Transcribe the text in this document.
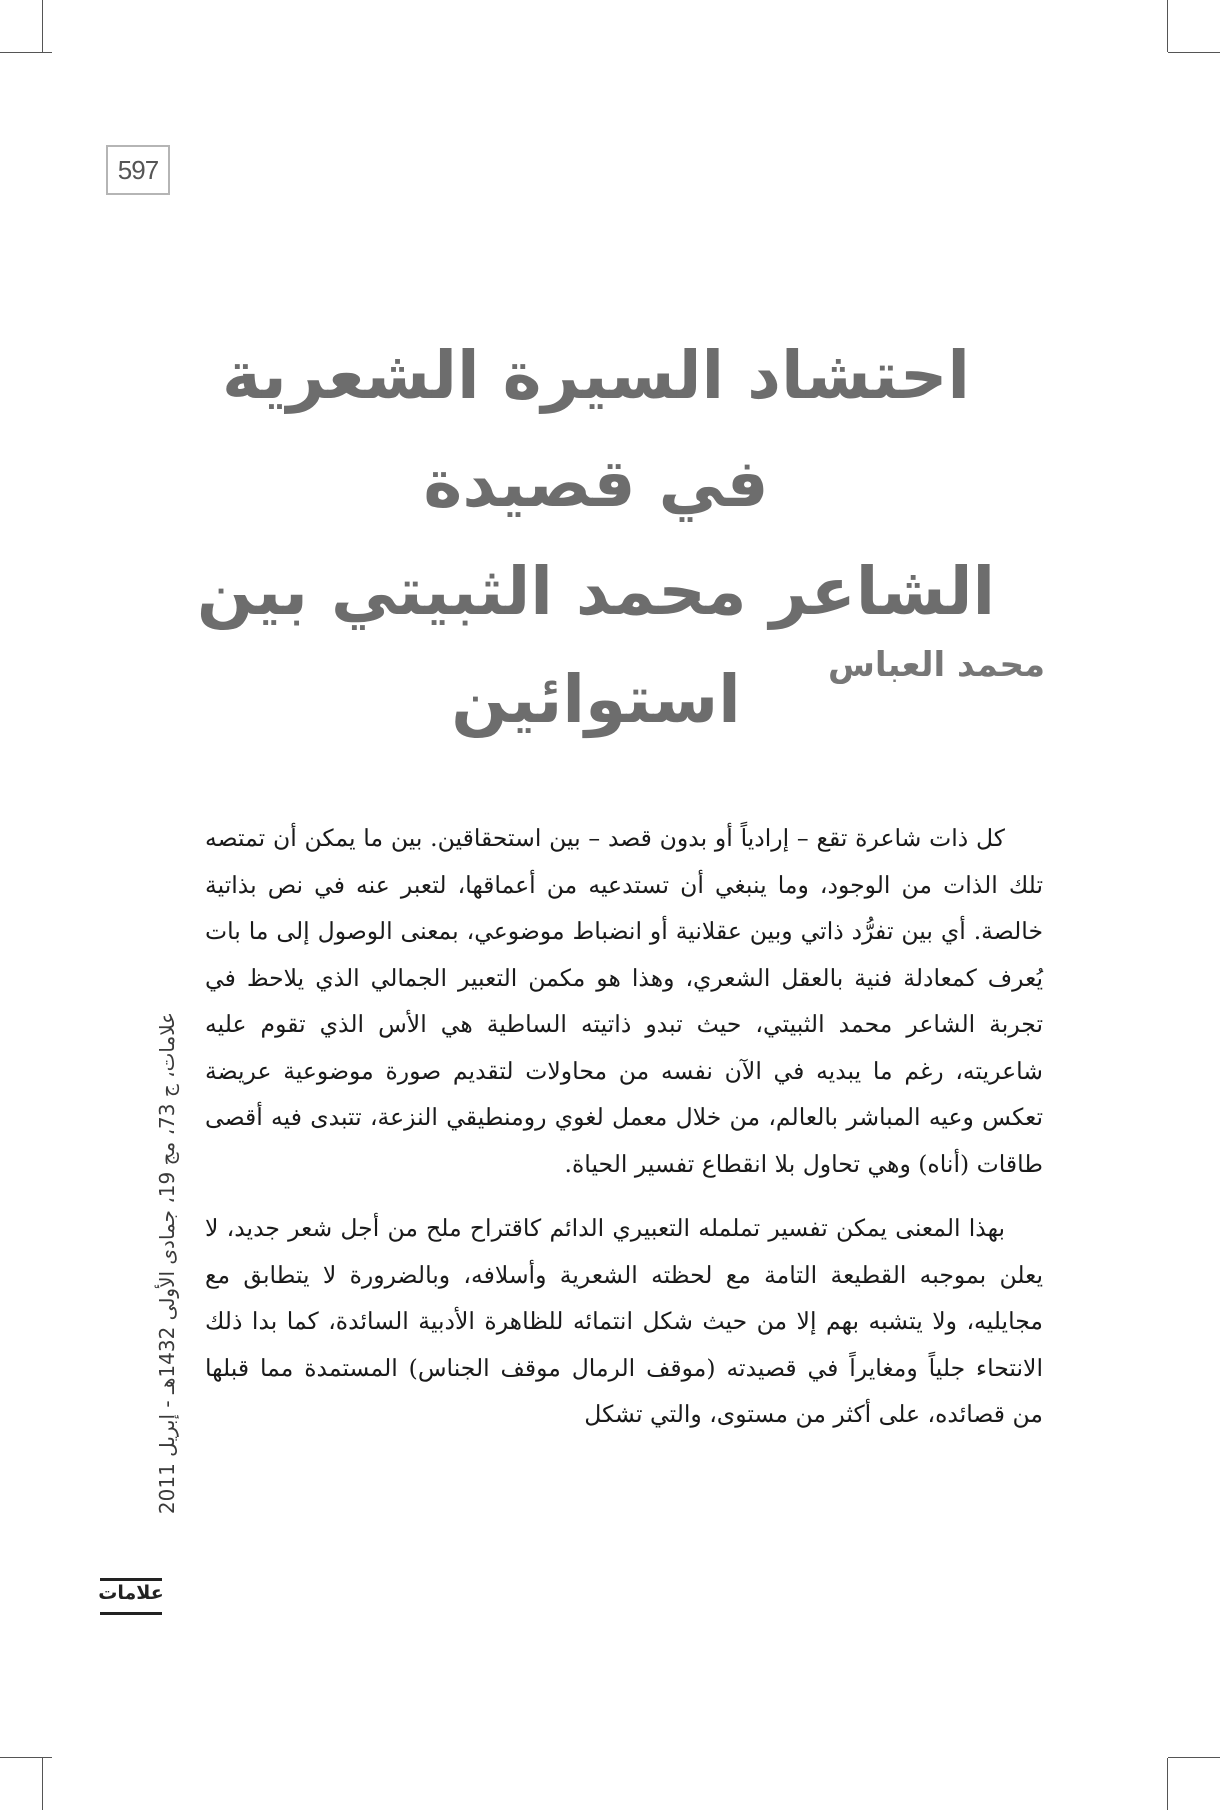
597
احتشاد السيرة الشعرية في قصيدة
الشاعر محمد الثبيتي بين استوائين	محمد العباس

كل ذات شاعرة تقع – إرادياً أو بدون قصد – بين استحقاقين. بين ما يمكن أن تمتصه تلك الذات من الوجود، وما ينبغي أن تستدعيه من أعماقها، لتعبر عنه في نص بذاتية خالصة. أي بين تفرُّد ذاتي وبين عقلانية أو انضباط موضوعي، بمعنى الوصول إلى ما بات يُعرف كمعادلة فنية بالعقل الشعري، وهذا هو مكمن التعبير الجمالي الذي يلاحظ في تجربة الشاعر محمد الثبيتي، حيث تبدو ذاتيته الساطية هي الأس الذي تقوم عليه شاعريته، رغم ما يبديه في الآن نفسه من محاولات لتقديم صورة موضوعية عريضة تعكس وعيه المباشر بالعالم، من خلال معمل لغوي رومنطيقي النزعة، تتبدى فيه أقصى طاقات (أناه) وهي تحاول بلا انقطاع تفسير الحياة.

بهذا المعنى يمكن تفسير تململه التعبيري الدائم كاقتراح ملح من أجل شعر جديد، لا يعلن بموجبه القطيعة التامة مع لحظته الشعرية وأسلافه، وبالضرورة لا يتطابق مع مجايليه، ولا يتشبه بهم إلا من حيث شكل انتمائه للظاهرة الأدبية السائدة، كما بدا ذلك الانتحاء جلياً ومغايراً في قصيدته (موقف الرمال موقف الجناس) المستمدة مما قبلها من قصائده، على أكثر من مستوى، والتي تشكل

علامات، ج 73، مج 19، جمادى الأولى 1432هـ - إبريل 2011
علامات
